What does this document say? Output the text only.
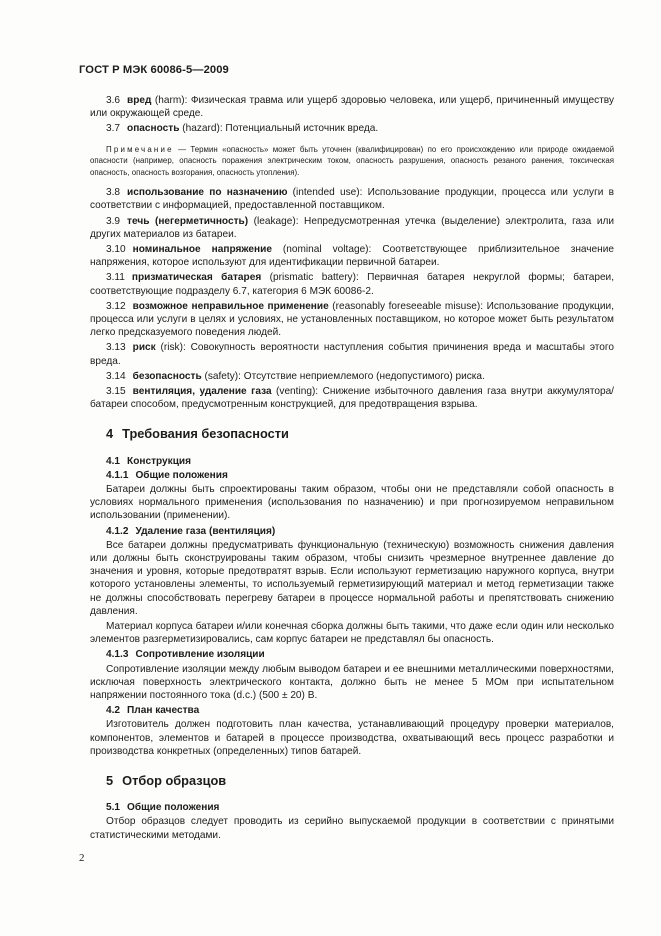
ГОСТ Р МЭК 60086-5—2009

3.6 вред (harm): Физическая травма или ущерб здоровью человека, или ущерб, причиненный имуществу или окружающей среде.

3.7 опасность (hazard): Потенциальный источник вреда.

Примечание — Термин «опасность» может быть уточнен (квалифицирован) по его происхождению или природе ожидаемой опасности (например, опасность поражения электрическим током, опасность разрушения, опасность резаного ранения, токсическая опасность, опасность возгорания, опасность утопления).

3.8 использование по назначению (intended use): Использование продукции, процесса или услуги в соответствии с информацией, предоставленной поставщиком.

3.9 течь (негерметичность) (leakage): Непредусмотренная утечка (выделение) электролита, газа или других материалов из батареи.

3.10 номинальное напряжение (nominal voltage): Соответствующее приблизительное значение напряжения, которое используют для идентификации первичной батареи.

3.11 призматическая батарея (prismatic battery): Первичная батарея некруглой формы; батареи, соответствующие подразделу 6.7, категория 6 МЭК 60086-2.

3.12 возможное неправильное применение (reasonably foreseeable misuse): Использование продукции, процесса или услуги в целях и условиях, не установленных поставщиком, но которое может быть результатом легко предсказуемого поведения людей.

3.13 риск (risk): Совокупность вероятности наступления события причинения вреда и масштабы этого вреда.

3.14 безопасность (safety): Отсутствие неприемлемого (недопустимого) риска.

3.15 вентиляция, удаление газа (venting): Снижение избыточного давления газа внутри аккумулятора/батареи способом, предусмотренным конструкцией, для предотвращения взрыва.

4 Требования безопасности

4.1 Конструкция

4.1.1 Общие положения

Батареи должны быть спроектированы таким образом, чтобы они не представляли собой опасность в условиях нормального применения (использования по назначению) и при прогнозируемом неправильном использовании (применении).

4.1.2 Удаление газа (вентиляция)

Все батареи должны предусматривать функциональную (техническую) возможность снижения давления или должны быть сконструированы таким образом, чтобы снизить чрезмерное внутреннее давление до значения и уровня, которые предотвратят взрыв. Если используют герметизацию наружного корпуса, внутри которого установлены элементы, то используемый герметизирующий материал и метод герметизации также не должны способствовать перегреву батареи в процессе нормальной работы и препятствовать снижению давления.

Материал корпуса батареи и/или конечная сборка должны быть такими, что даже если один или несколько элементов разгерметизировались, сам корпус батареи не представлял бы опасность.

4.1.3 Сопротивление изоляции

Сопротивление изоляции между любым выводом батареи и ее внешними металлическими поверхностями, исключая поверхность электрического контакта, должно быть не менее 5 МОм при испытательном напряжении постоянного тока (d.c.) (500 ± 20) В.

4.2 План качества

Изготовитель должен подготовить план качества, устанавливающий процедуру проверки материалов, компонентов, элементов и батарей в процессе производства, охватывающий весь процесс разработки и производства конкретных (определенных) типов батарей.

5 Отбор образцов

5.1 Общие положения

Отбор образцов следует проводить из серийно выпускаемой продукции в соответствии с принятыми статистическими методами.

2
